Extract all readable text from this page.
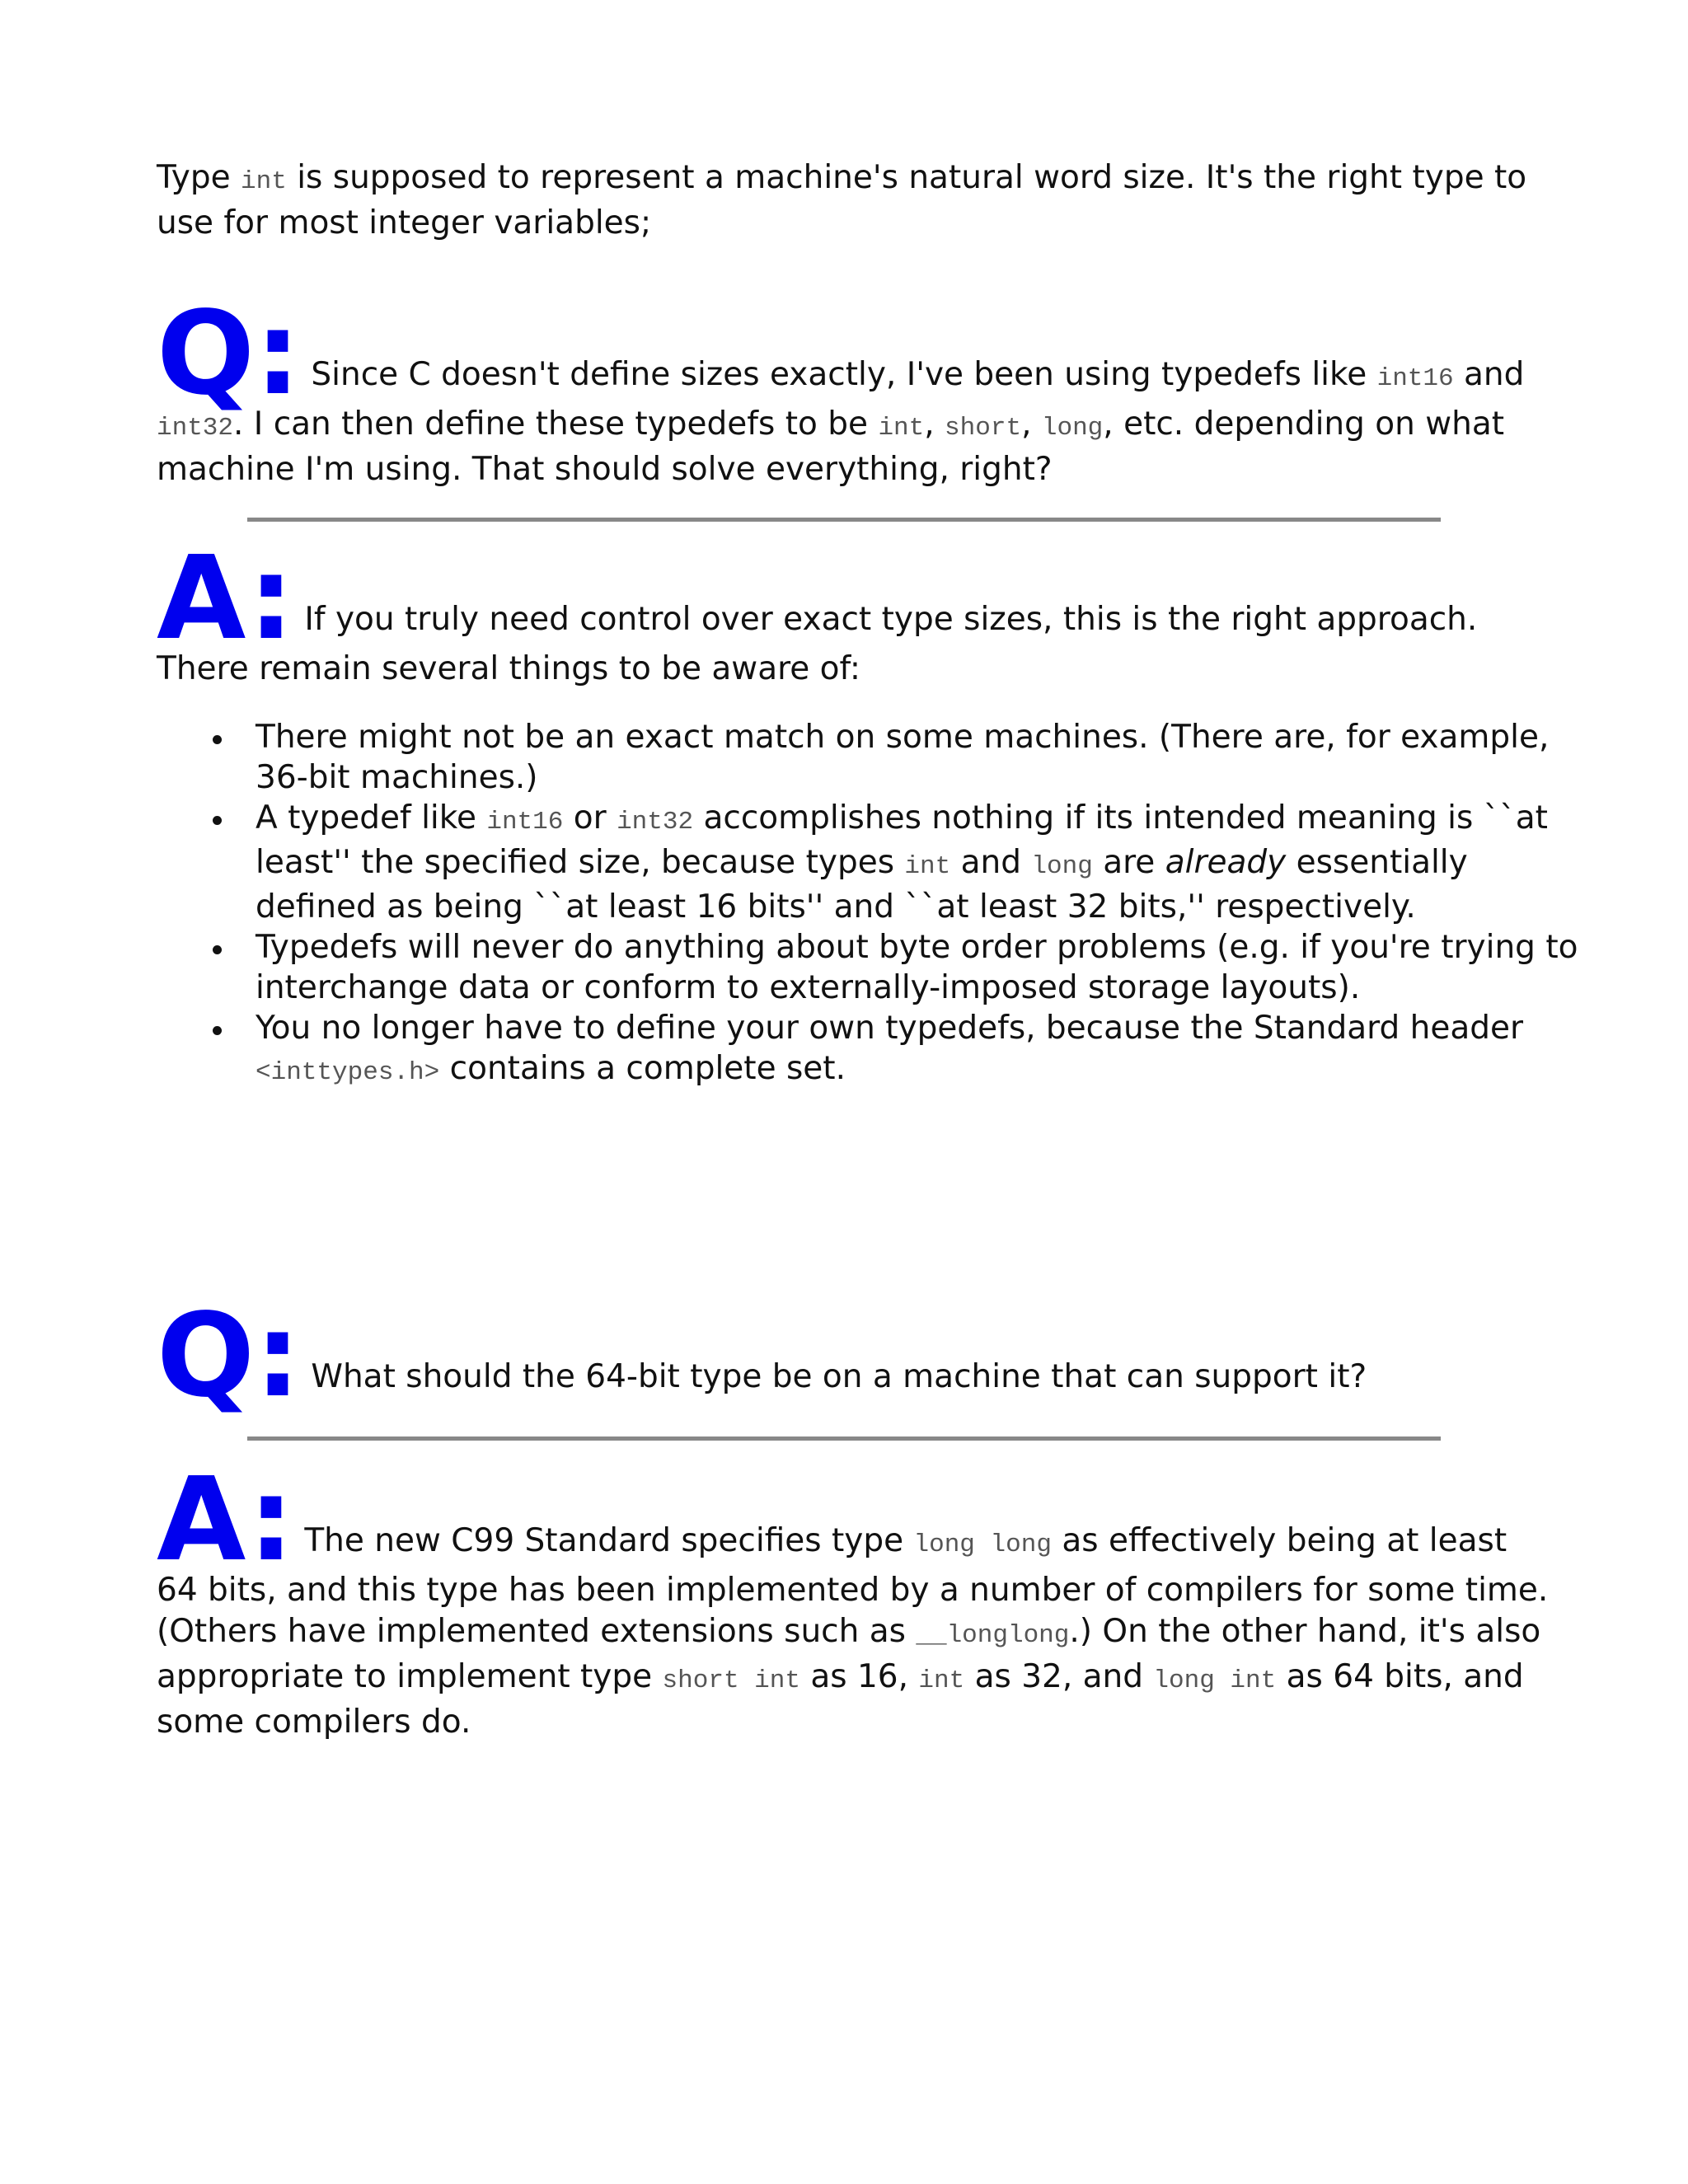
Type int is supposed to represent a machine's natural word size. It's the right type to use for most integer variables;

Q: Since C doesn't define sizes exactly, I've been using typedefs like int16 and int32. I can then define these typedefs to be int, short, long, etc. depending on what machine I'm using. That should solve everything, right?
A: If you truly need control over exact type sizes, this is the right approach. There remain several things to be aware of:
There might not be an exact match on some machines. (There are, for example, 36-bit machines.)
A typedef like int16 or int32 accomplishes nothing if its intended meaning is ``at least'' the specified size, because types int and long are already essentially defined as being ``at least 16 bits'' and ``at least 32 bits,'' respectively.
Typedefs will never do anything about byte order problems (e.g. if you're trying to interchange data or conform to externally-imposed storage layouts).
You no longer have to define your own typedefs, because the Standard header <inttypes.h> contains a complete set.
Q: What should the 64-bit type be on a machine that can support it?
A: The new C99 Standard specifies type long long as effectively being at least 64 bits, and this type has been implemented by a number of compilers for some time. (Others have implemented extensions such as __longlong.) On the other hand, it's also appropriate to implement type short int as 16, int as 32, and long int as 64 bits, and some compilers do.
